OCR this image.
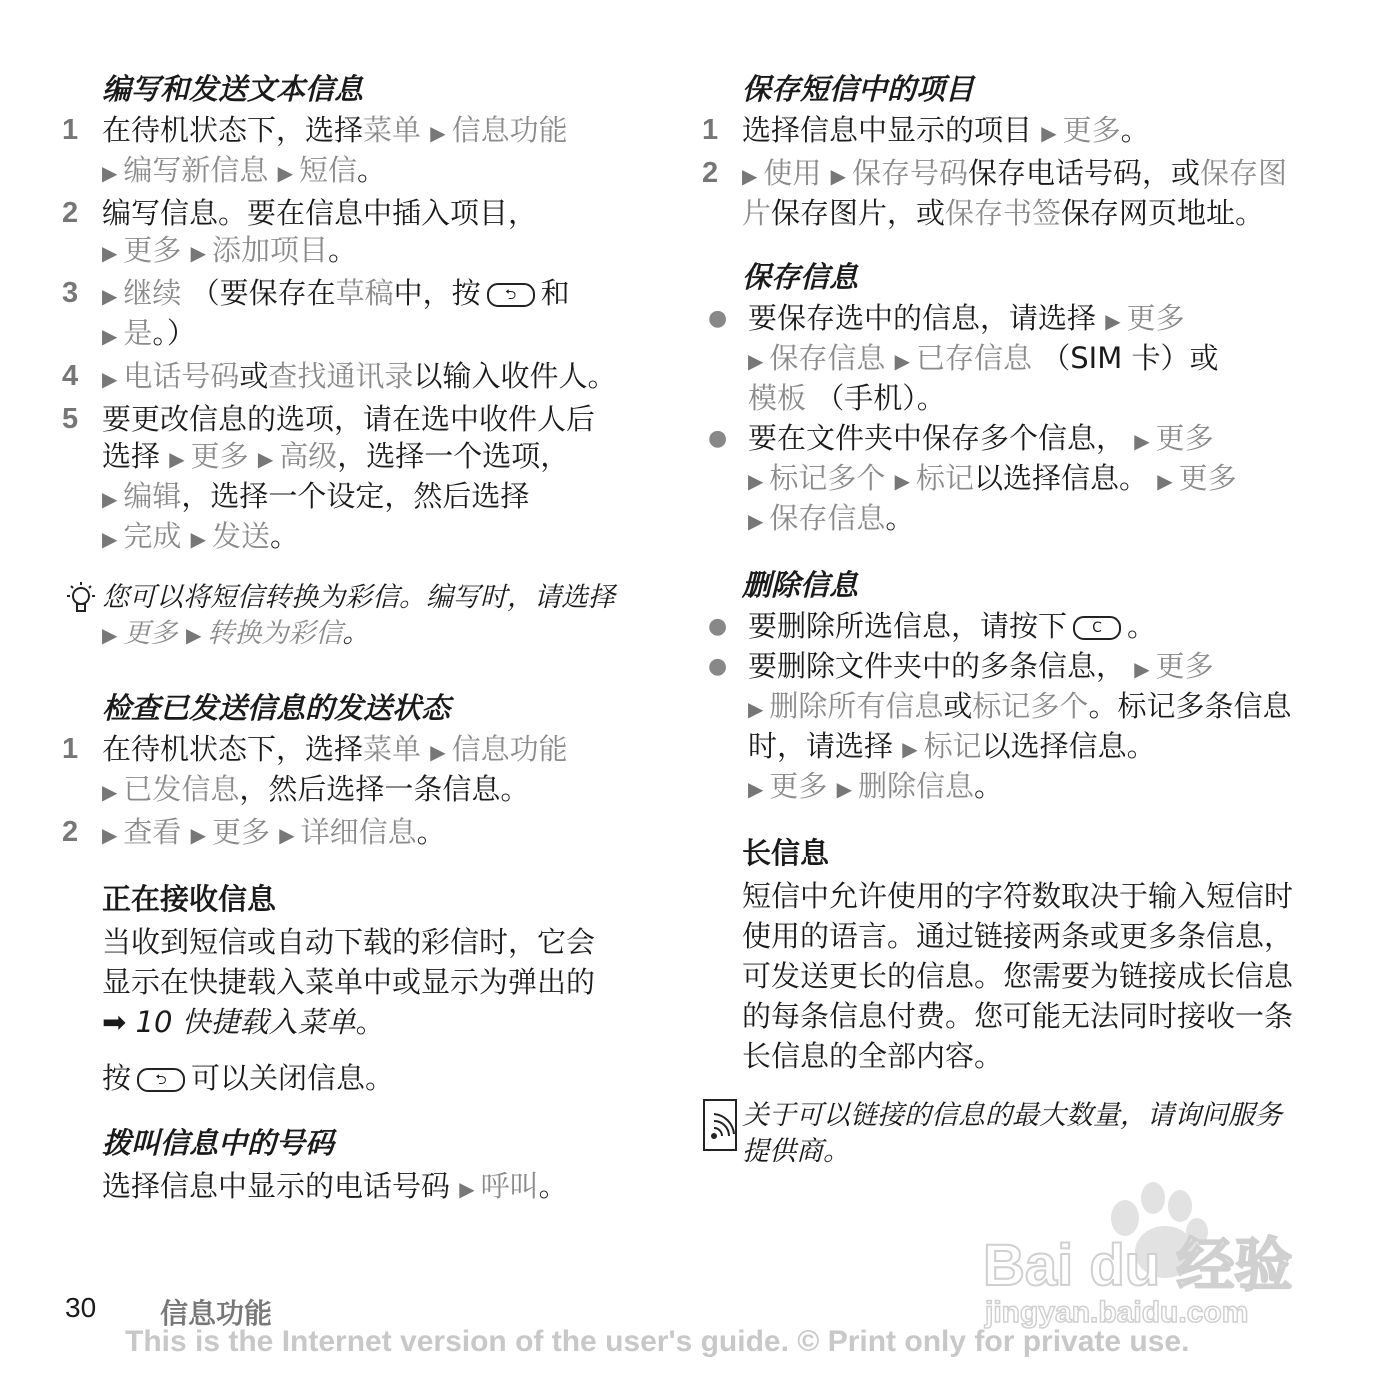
编写和发送文本信息
1 在待机状态下，选择菜单 ▶ 信息功能
▶ 编写新信息 ▶ 短信。
2 编写信息。要在信息中插入项目，
▶ 更多 ▶ 添加项目。
3	▶ 继续 （要保存在草稿中，按 ⮌ 和
▶ 是。）
4	▶ 电话号码或查找通讯录以输入收件人。
5 要更改信息的选项，请在选中收件人后选择 ▶ 更多 ▶ 高级，选择一个选项，
▶ 编辑，选择一个设定，然后选择
▶ 完成 ▶ 发送。
您可以将短信转换为彩信。编写时，请选择 ▶ 更多 ▶ 转换为彩信。
检查已发送信息的发送状态
1 在待机状态下，选择菜单 ▶ 信息功能
▶ 已发信息，然后选择一条信息。
2	▶ 查看 ▶ 更多 ▶ 详细信息。
正在接收信息
当收到短信或自动下载的彩信时，它会显示在快捷载入菜单中或显示为弹出的
➡ 10 快捷载入菜单。
按 ⮌ 可以关闭信息。
拨叫信息中的号码
选择信息中显示的电话号码 ▶ 呼叫。
保存短信中的项目
1 选择信息中显示的项目 ▶ 更多。
2	▶ 使用 ▶ 保存号码保存电话号码，或保存图片保存图片，或保存书签保存网页地址。
保存信息
● 要保存选中的信息，请选择 ▶ 更多
▶ 保存信息 ▶ 已存信息 （SIM 卡）或
模板 （手机）。
● 要在文件夹中保存多个信息， ▶ 更多
▶ 标记多个 ▶ 标记以选择信息。 ▶ 更多
▶ 保存信息。
删除信息
● 要删除所选信息，请按下 C 。
● 要删除文件夹中的多条信息， ▶ 更多
▶ 删除所有信息或标记多个。标记多条信息时，请选择 ▶ 标记以选择信息。
▶ 更多 ▶ 删除信息。
长信息
短信中允许使用的字符数取决于输入短信时使用的语言。通过链接两条或更多条信息，可发送更长的信息。您需要为链接成长信息的每条信息付费。您可能无法同时接收一条长信息的全部内容。
关于可以链接的信息的最大数量，请询问服务提供商。
Bai du 经验
jingyan.baidu.com
30 信息功能
This is the Internet version of the user's guide. © Print only for private use.
